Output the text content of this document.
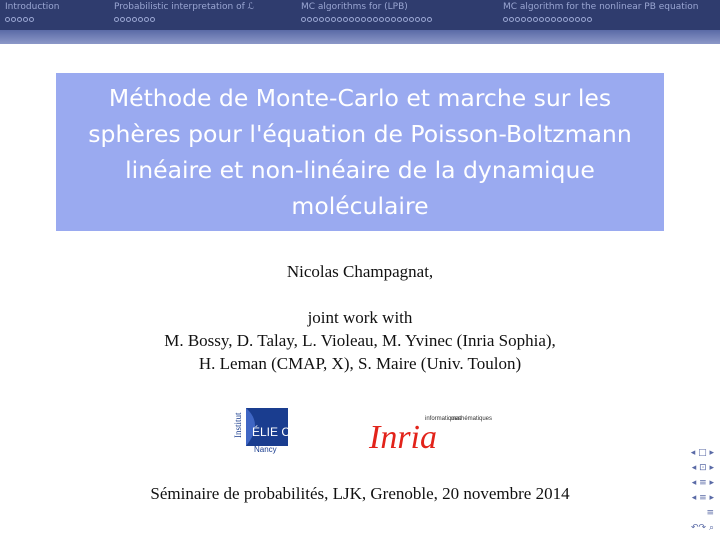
Introduction	Probabilistic interpretation of ℒ	MC algorithms for (LPB)	MC algorithm for the nonlinear PB equation
Méthode de Monte-Carlo et marche sur les
sphères pour l'équation de Poisson-Boltzmann
linéaire et non-linéaire de la dynamique
moléculaire
Nicolas Champagnat,
joint work with
M. Bossy, D. Talay, L. Violeau, M. Yvinec (Inria Sophia),
H. Leman (CMAP, X), S. Maire (Univ. Toulon)
Institut ÉLIE CARTAN
Nancy
informatiques
mathématiques
Inria
Séminaire de probabilités, LJK, Grenoble, 20 novembre 2014
◂ □ ▸
◂ ⊡ ▸
◂ ≡ ▸
◂ ≡ ▸
≡
↶↷ ⌕
